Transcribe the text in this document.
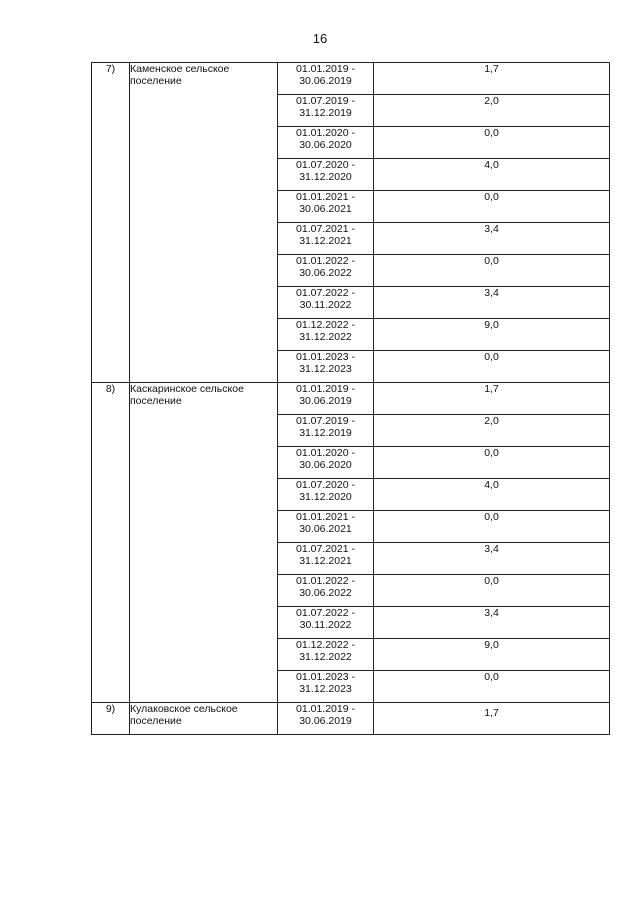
16
7)	Каменское сельское поселение	01.01.2019 -
30.06.2019	1,7

		01.07.2019 -
31.12.2019	2,0

		01.01.2020 -
30.06.2020	0,0

		01.07.2020 -
31.12.2020	4,0

		01.01.2021 -
30.06.2021	0,0

		01.07.2021 -
31.12.2021	3,4

		01.01.2022 -
30.06.2022	0,0

		01.07.2022 -
30.11.2022	3,4

		01.12.2022 -
31.12.2022	9,0

		01.01.2023 -
31.12.2023	0,0
8)	Каскаринское сельское поселение	01.01.2019 -
30.06.2019	1,7

		01.07.2019 -
31.12.2019	2,0

		01.01.2020 -
30.06.2020	0,0

		01.07.2020 -
31.12.2020	4,0

		01.01.2021 -
30.06.2021	0,0

		01.07.2021 -
31.12.2021	3,4

		01.01.2022 -
30.06.2022	0,0

		01.07.2022 -
30.11.2022	3,4

		01.12.2022 -
31.12.2022	9,0

		01.01.2023 -
31.12.2023	0,0
9)	Кулаковское сельское поселение	01.01.2019 -
30.06.2019	1,7
